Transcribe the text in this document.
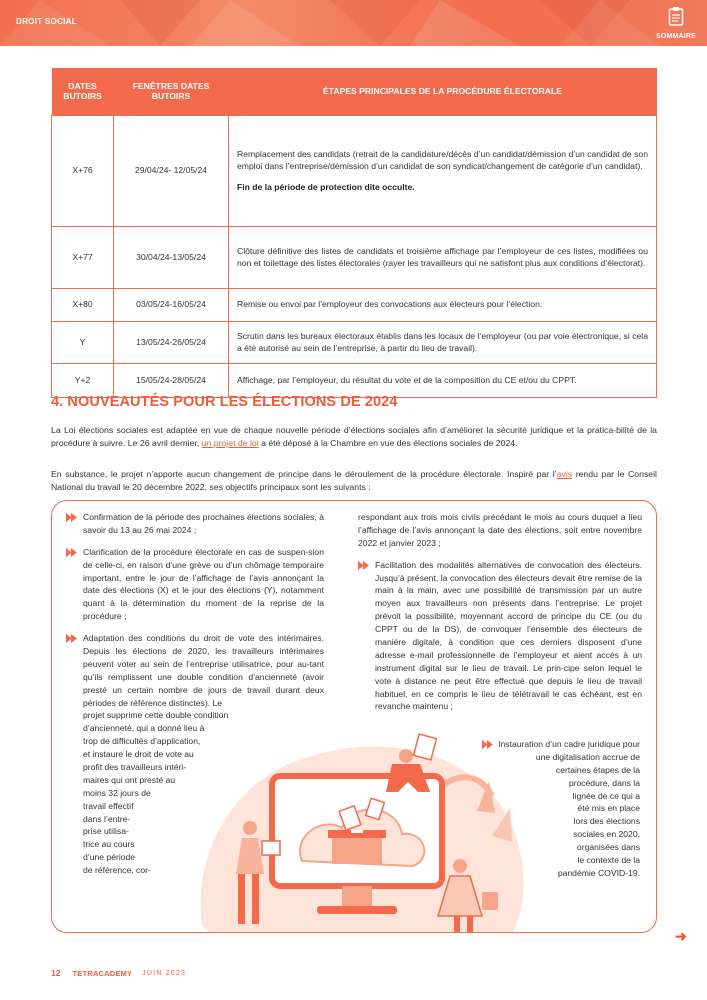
DROIT SOCIAL
SOMMAIRE
DATES BUTOIRS	FENÊTRES DATES BUTOIRS	ÉTAPES PRINCIPALES DE LA PROCÉDURE ÉLECTORALE
X+76	29/04/24- 12/05/24	Remplacement des candidats (retrait de la candidature/décès d’un candidat/démission d’un candidat de son emploi dans l’entreprise/démission d’un candidat de son syndicat/changement de catégorie d’un candidat).

Fin de la période de protection dite occulte.

X+77	30/04/24-13/05/24	Clôture définitive des listes de candidats et troisième affichage par l’employeur de ces listes, modifiées ou non et toilettage des listes électorales (rayer les travailleurs qui ne satisfont plus aux conditions d’électorat).
X+80	03/05/24-16/05/24	Remise ou envoi par l’employeur des convocations aux électeurs pour l’élection.
Y	13/05/24-26/05/24	Scrutin dans les bureaux électoraux établis dans les locaux de l’employeur (ou par voie électronique, si cela a été autorisé au sein de l’entreprise, à partir du lieu de travail).
Y+2	15/05/24-28/05/24	Affichage, par l’employeur, du résultat du vote et de la composition du CE et/ou du CPPT.
4. NOUVEAUTÉS POUR LES ÉLECTIONS DE 2024
La Loi élections sociales est adaptée en vue de chaque nouvelle période d’élections sociales afin d’améliorer la sécurité juridique et la pratica-bilité de la procédure à suivre. Le 26 avril dernier, un projet de loi a été déposé à la Chambre en vue des élections sociales de 2024.
En substance, le projet n’apporte aucun changement de principe dans le déroulement de la procédure électorale. Inspiré par l’avis rendu par le Conseil National du travail le 20 décembre 2022, ses objectifs principaux sont les suivants :
Confirmation de la période des prochaines élections sociales, à savoir du 13 au 26 mai 2024 ;
Clarification de la procédure électorale en cas de suspen-sion de celle-ci, en raison d’une grève ou d’un chômage temporaire important, entre le jour de l’affichage de l’avis annonçant la date des élections (X) et le jour des élections (Y), notamment quant à la détermination du moment de la reprise de la procédure ;
Adaptation des conditions du droit de vote des intérimaires. Depuis les élections de 2020, les travailleurs intérimaires peuvent voter au sein de l’entreprise utilisatrice, pour au-tant qu’ils remplissent une double condition d’ancienneté (avoir presté un certain nombre de jours de travail durant deux périodes de référence distinctes). Le
projet supprime cette double condition
d’ancienneté, qui a donné lieu à
trop de difficultés d’application,
et instaure le droit de vote au
profit des travailleurs intéri-
maires qui ont presté au
moins 32 jours de
travail effectif
dans l’entre-
prise utilisa-
trice au cours
d’une période
de référence, cor-
respondant aux trois mois civils précédant le mois au cours duquel a lieu l’affichage de l’avis annonçant la date des élections, soit entre novembre 2022 et janvier 2023 ;
Facilitation des modalités alternatives de convocation des électeurs. Jusqu’à présent, la convocation des électeurs devait être remise de la main à la main, avec une possibilité de transmission par un autre moyen aux travailleurs non présents dans l’entreprise. Le projet prévoit la possibilité, moyennant accord de principe du CE (ou du CPPT ou de la DS), de convoquer l’ensemble des électeurs de manière digitale, à condition que ces derniers disposent d’une adresse e-mail professionnelle de l’employeur et aient accès à un instrument digital sur le lieu de travail. Le prin-cipe selon lequel le vote à distance ne peut être effectué que depuis le lieu de travail habituel, en ce compris le lieu de télétravail le cas échéant, est en revanche maintenu ;
Instauration d’un cadre juridique pour
une digitalisation accrue de
certaines étapes de la
procédure, dans la
lignée de ce qui a
été mis en place
lors des élections
sociales en 2020,
organisées dans
le contexte de la
pandémie COVID-19.
➜
12 TETRACADEMY JUIN 2023
